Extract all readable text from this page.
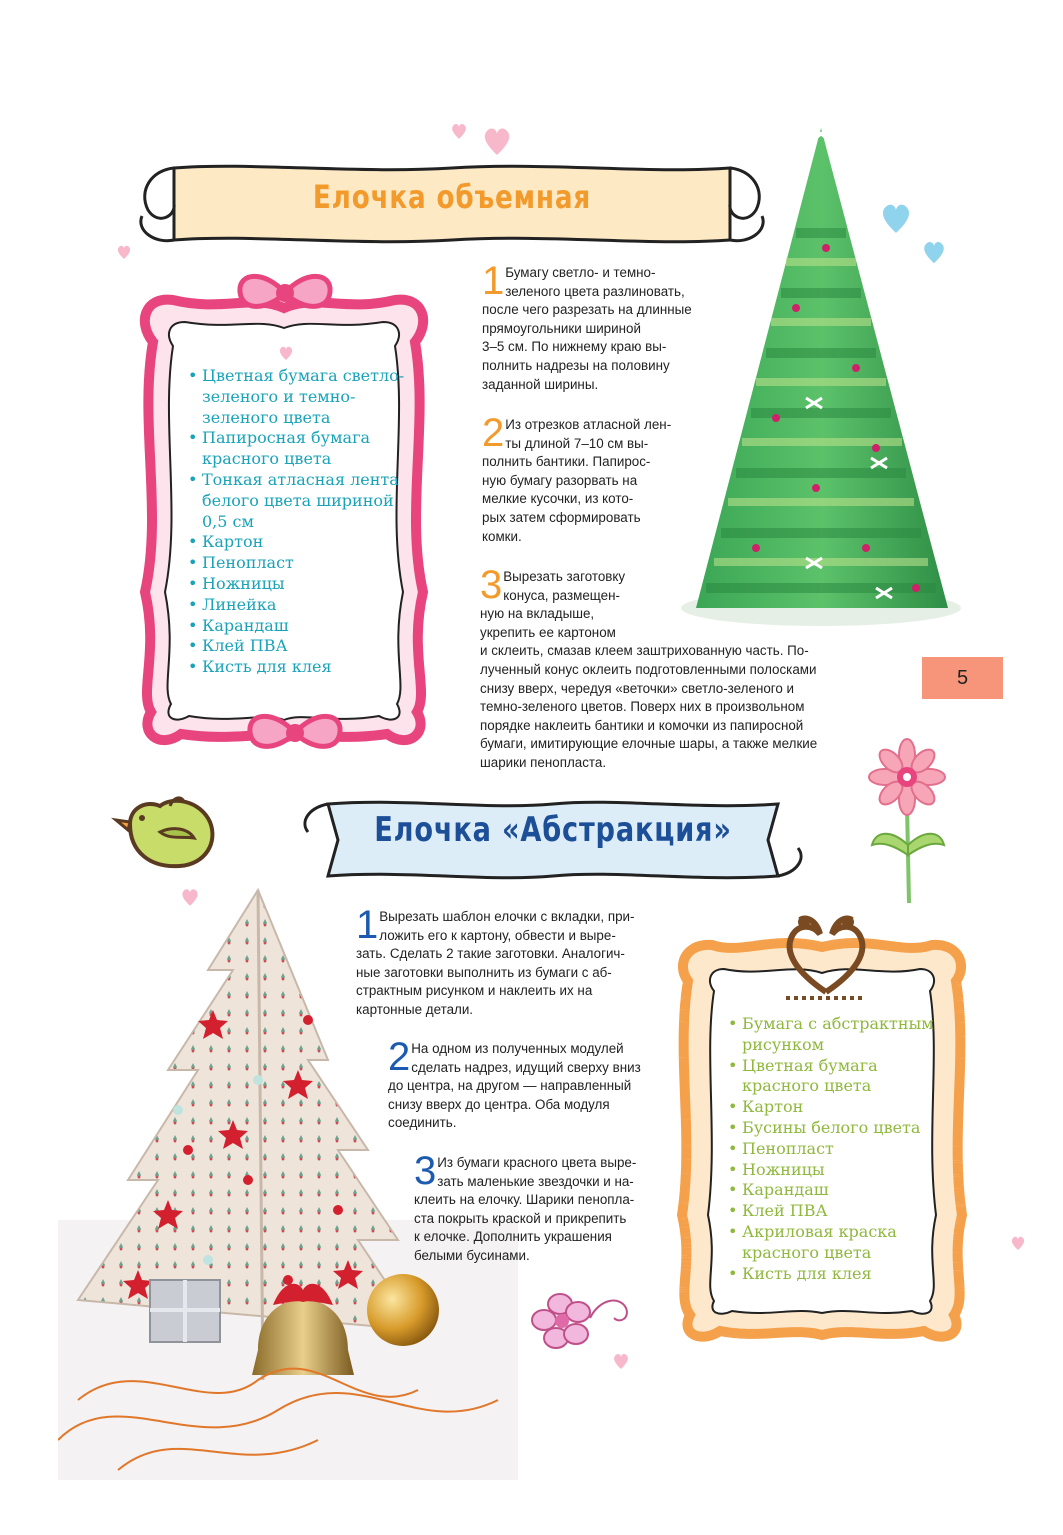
Елочка объемная
• Цветная бумага светло-
зеленого и темно-
зеленого цвета
• Папиросная бумага
красного цвета
• Тонкая атласная лента
белого цвета шириной
0,5 см
• Картон
• Пенопласт
• Ножницы
• Линейка
• Карандаш
• Клей ПВА
• Кисть для клея
1 Бумагу светло- и темно-
зеленого цвета разлиновать,
после чего разрезать на длинные
прямоугольники шириной
3–5 см. По нижнему краю вы-
полнить надрезы на половину
заданной ширины.
2 Из отрезков атласной лен-
ты длиной 7–10 см вы-
полнить бантики. Папирос-
ную бумагу разорвать на
мелкие кусочки, из кото-
рых затем сформировать
комки.
3 Вырезать заготовку
конуса, размещен-
ную на вкладыше,
укрепить ее картоном
и склеить, смазав клеем заштрихованную часть. По-
лученный конус оклеить подготовленными полосками
снизу вверх, чередуя «веточки» светло-зеленого и
темно-зеленого цветов. Поверх них в произвольном
порядке наклеить бантики и комочки из папиросной
бумаги, имитирующие елочные шары, а также мелкие
шарики пенопласта.
5
Елочка «Абстракция»
1 Вырезать шаблон елочки с вкладки, при-
ложить его к картону, обвести и выре-
зать. Сделать 2 такие заготовки. Аналогич-
ные заготовки выполнить из бумаги с аб-
страктным рисунком и наклеить их на
картонные детали.
2 На одном из полученных модулей
сделать надрез, идущий сверху вниз
до центра, на другом — направленный
снизу вверх до центра. Оба модуля
соединить.
3 Из бумаги красного цвета выре-
зать маленькие звездочки и на-
клеить на елочку. Шарики пенопла-
ста покрыть краской и прикрепить
к елочке. Дополнить украшения
белыми бусинами.
• Бумага с абстрактным
рисунком
• Цветная бумага
красного цвета
• Картон
• Бусины белого цвета
• Пенопласт
• Ножницы
• Карандаш
• Клей ПВА
• Акриловая краска
красного цвета
• Кисть для клея
